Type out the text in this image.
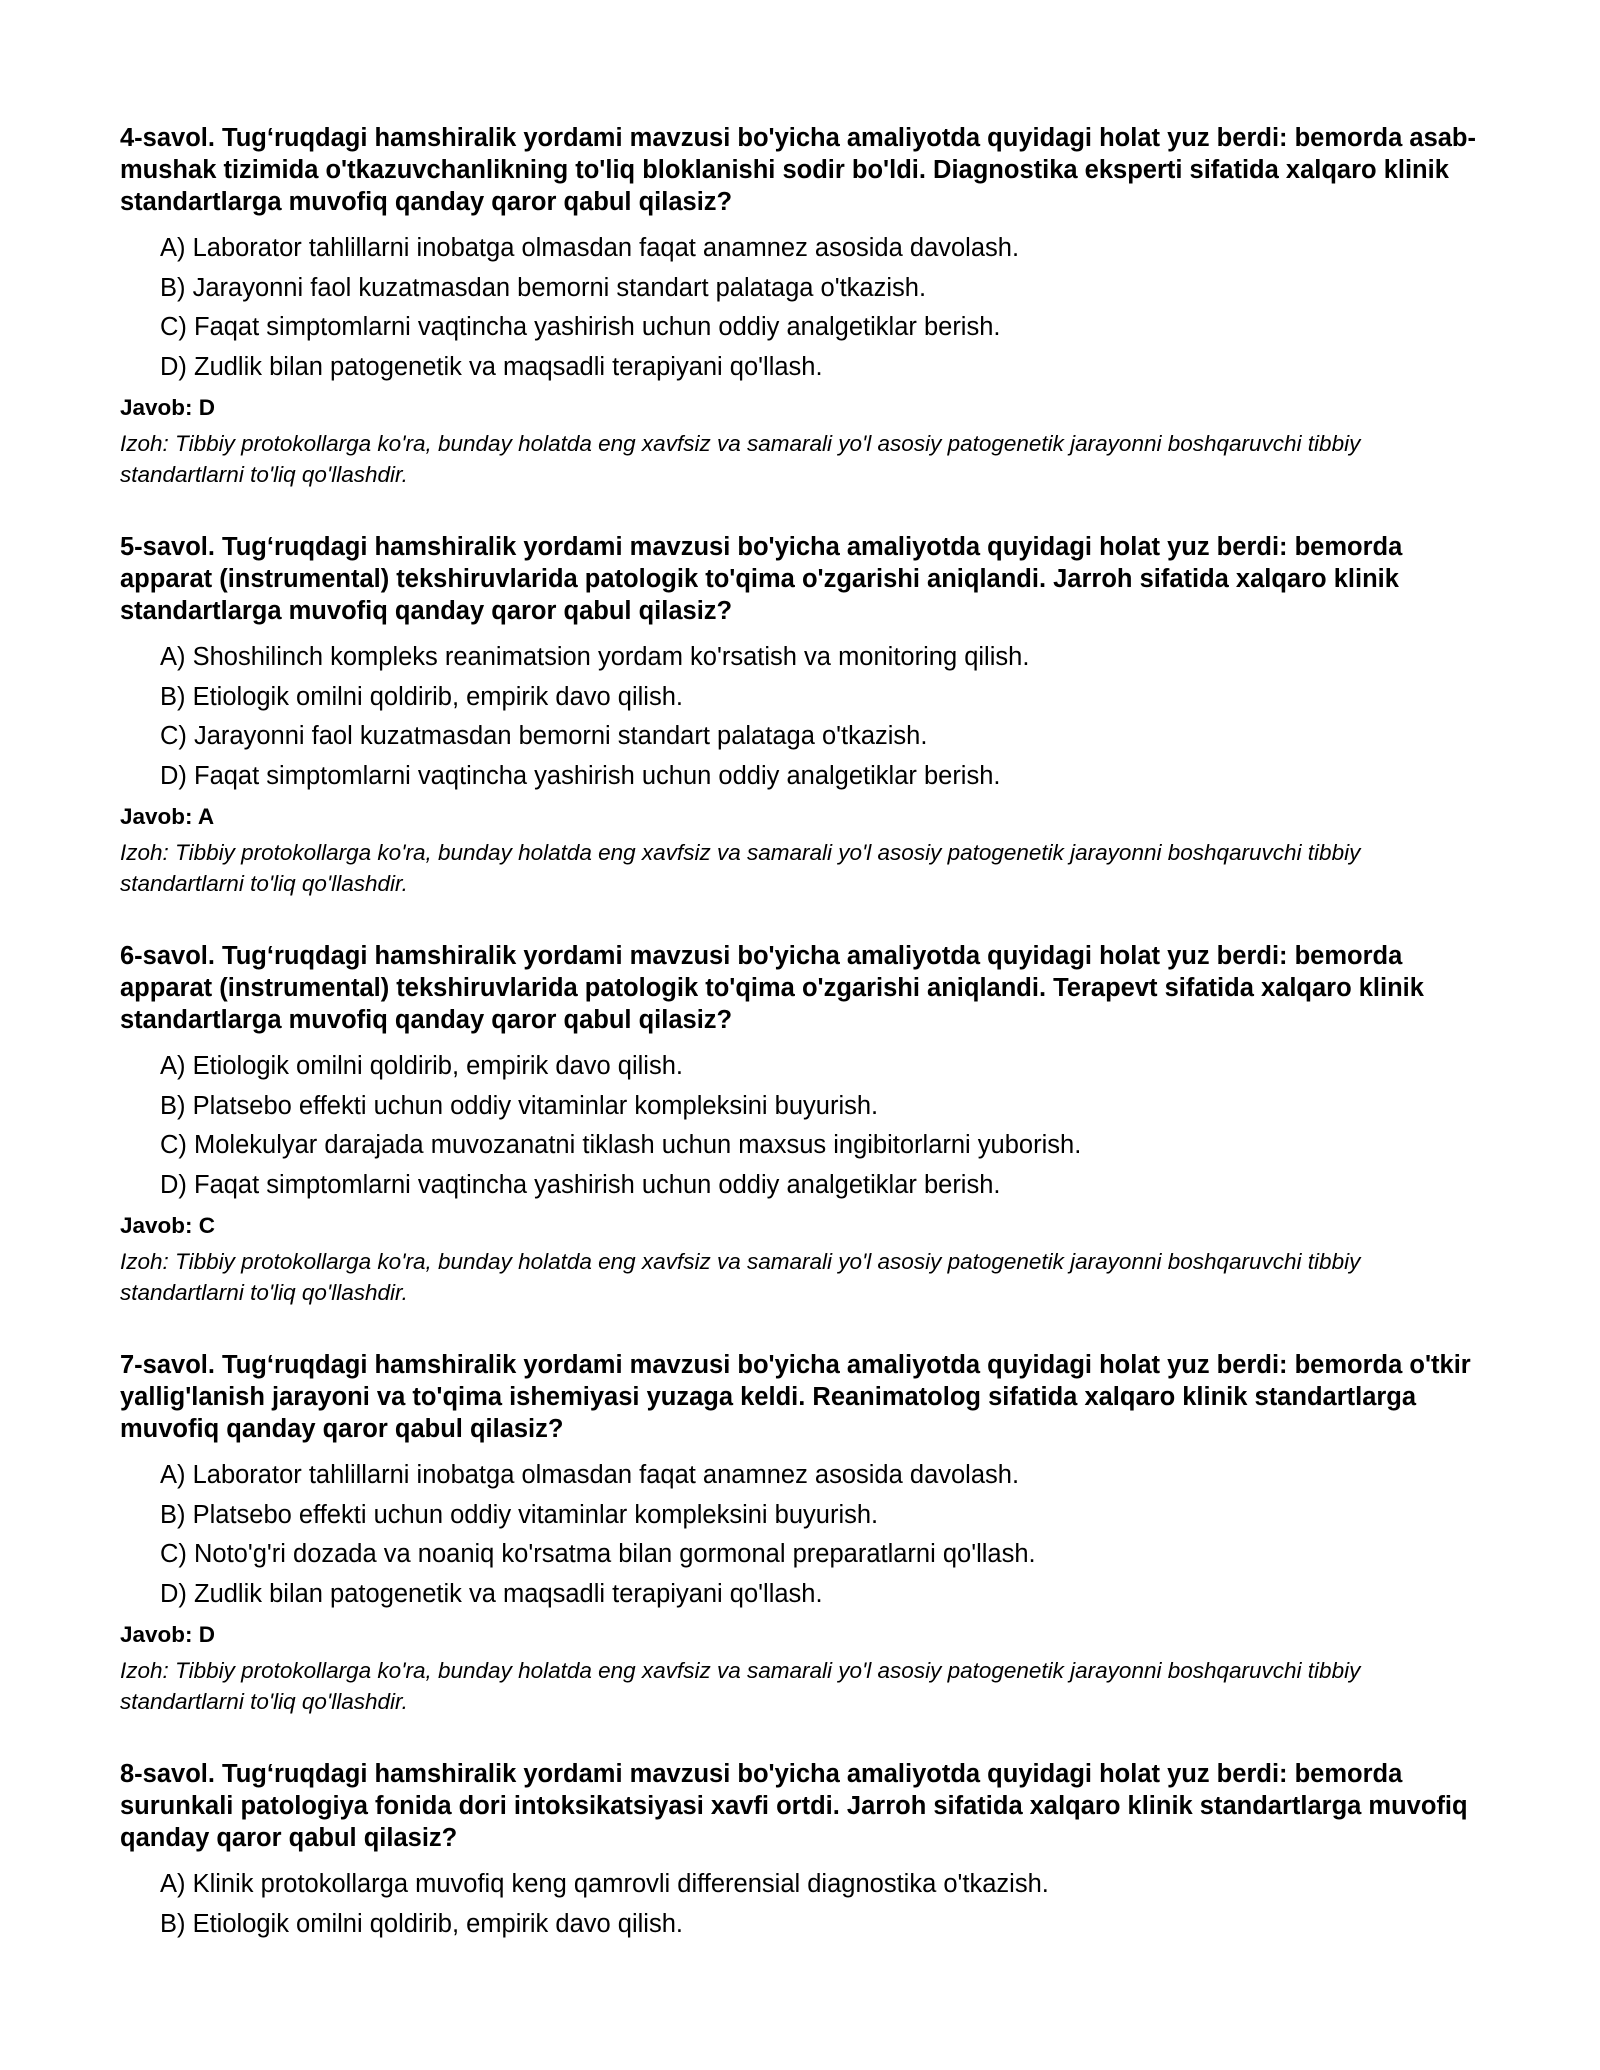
4-savol. Tug‘ruqdagi hamshiralik yordami mavzusi bo'yicha amaliyotda quyidagi holat yuz berdi: bemorda asab-mushak tizimida o'tkazuvchanlikning to'liq bloklanishi sodir bo'ldi. Diagnostika eksperti sifatida xalqaro klinik standartlarga muvofiq qanday qaror qabul qilasiz?
A) Laborator tahlillarni inobatga olmasdan faqat anamnez asosida davolash.
B) Jarayonni faol kuzatmasdan bemorni standart palataga o'tkazish.
C) Faqat simptomlarni vaqtincha yashirish uchun oddiy analgetiklar berish.
D) Zudlik bilan patogenetik va maqsadli terapiyani qo'llash.
Javob: D
Izoh: Tibbiy protokollarga ko'ra, bunday holatda eng xavfsiz va samarali yo'l asosiy patogenetik jarayonni boshqaruvchi tibbiy standartlarni to'liq qo'llashdir.
5-savol. Tug‘ruqdagi hamshiralik yordami mavzusi bo'yicha amaliyotda quyidagi holat yuz berdi: bemorda apparat (instrumental) tekshiruvlarida patologik to'qima o'zgarishi aniqlandi. Jarroh sifatida xalqaro klinik standartlarga muvofiq qanday qaror qabul qilasiz?
A) Shoshilinch kompleks reanimatsion yordam ko'rsatish va monitoring qilish.
B) Etiologik omilni qoldirib, empirik davo qilish.
C) Jarayonni faol kuzatmasdan bemorni standart palataga o'tkazish.
D) Faqat simptomlarni vaqtincha yashirish uchun oddiy analgetiklar berish.
Javob: A
Izoh: Tibbiy protokollarga ko'ra, bunday holatda eng xavfsiz va samarali yo'l asosiy patogenetik jarayonni boshqaruvchi tibbiy standartlarni to'liq qo'llashdir.
6-savol. Tug‘ruqdagi hamshiralik yordami mavzusi bo'yicha amaliyotda quyidagi holat yuz berdi: bemorda apparat (instrumental) tekshiruvlarida patologik to'qima o'zgarishi aniqlandi. Terapevt sifatida xalqaro klinik standartlarga muvofiq qanday qaror qabul qilasiz?
A) Etiologik omilni qoldirib, empirik davo qilish.
B) Platsebo effekti uchun oddiy vitaminlar kompleksini buyurish.
C) Molekulyar darajada muvozanatni tiklash uchun maxsus ingibitorlarni yuborish.
D) Faqat simptomlarni vaqtincha yashirish uchun oddiy analgetiklar berish.
Javob: C
Izoh: Tibbiy protokollarga ko'ra, bunday holatda eng xavfsiz va samarali yo'l asosiy patogenetik jarayonni boshqaruvchi tibbiy standartlarni to'liq qo'llashdir.
7-savol. Tug‘ruqdagi hamshiralik yordami mavzusi bo'yicha amaliyotda quyidagi holat yuz berdi: bemorda o'tkir yallig'lanish jarayoni va to'qima ishemiyasi yuzaga keldi. Reanimatolog sifatida xalqaro klinik standartlarga muvofiq qanday qaror qabul qilasiz?
A) Laborator tahlillarni inobatga olmasdan faqat anamnez asosida davolash.
B) Platsebo effekti uchun oddiy vitaminlar kompleksini buyurish.
C) Noto'g'ri dozada va noaniq ko'rsatma bilan gormonal preparatlarni qo'llash.
D) Zudlik bilan patogenetik va maqsadli terapiyani qo'llash.
Javob: D
Izoh: Tibbiy protokollarga ko'ra, bunday holatda eng xavfsiz va samarali yo'l asosiy patogenetik jarayonni boshqaruvchi tibbiy standartlarni to'liq qo'llashdir.
8-savol. Tug‘ruqdagi hamshiralik yordami mavzusi bo'yicha amaliyotda quyidagi holat yuz berdi: bemorda surunkali patologiya fonida dori intoksikatsiyasi xavfi ortdi. Jarroh sifatida xalqaro klinik standartlarga muvofiq qanday qaror qabul qilasiz?
A) Klinik protokollarga muvofiq keng qamrovli differensial diagnostika o'tkazish.
B) Etiologik omilni qoldirib, empirik davo qilish.
